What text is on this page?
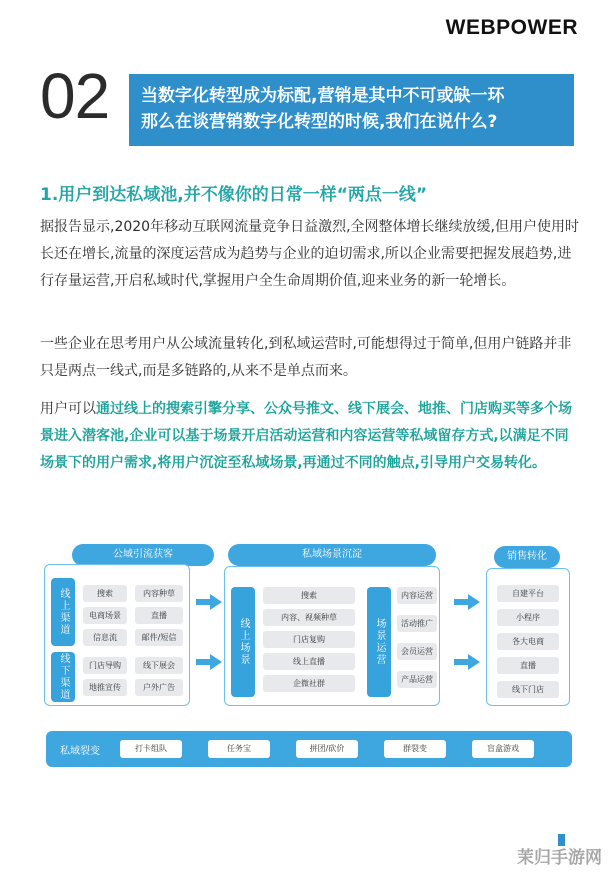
WEBPOWER
02 当数字化转型成为标配,营销是其中不可或缺一环
那么在谈营销数字化转型的时候,我们在说什么?
1.用户到达私域池,并不像你的日常一样“两点一线”
据报告显示,2020年移动互联网流量竞争日益激烈,全网整体增长继续放缓,但用户使用时长还在增长,流量的深度运营成为趋势与企业的迫切需求,所以企业需要把握发展趋势,进行存量运营,开启私域时代,掌握用户全生命周期价值,迎来业务的新一轮增长。
一些企业在思考用户从公域流量转化,到私域运营时,可能想得过于简单,但用户链路并非只是两点一线式,而是多链路的,从来不是单点而来。
用户可以通过线上的搜索引擎分享、公众号推文、线下展会、地推、门店购买等多个场景进入潜客池,企业可以基于场景开启活动运营和内容运营等私域留存方式,以满足不同场景下的用户需求,将用户沉淀至私域场景,再通过不同的触点,引导用户交易转化。
公域引流获客
线上渠道	搜索	内容种草
电商场景	直播
信息流	邮件/短信
线下渠道	门店导购	线下展会
地推宣传	户外广告
私域场景沉淀
线上场景
搜索
内容、视频种草
门店复购
线上直播
企微社群
场景运营
内容运营
活动推广
会员运营
产品运营
销售转化
自建平台
小程序
各大电商
直播
线下门店
私域裂变	打卡组队	任务宝	拼团/砍价	群裂变	盲盒游戏
茉归手游网
